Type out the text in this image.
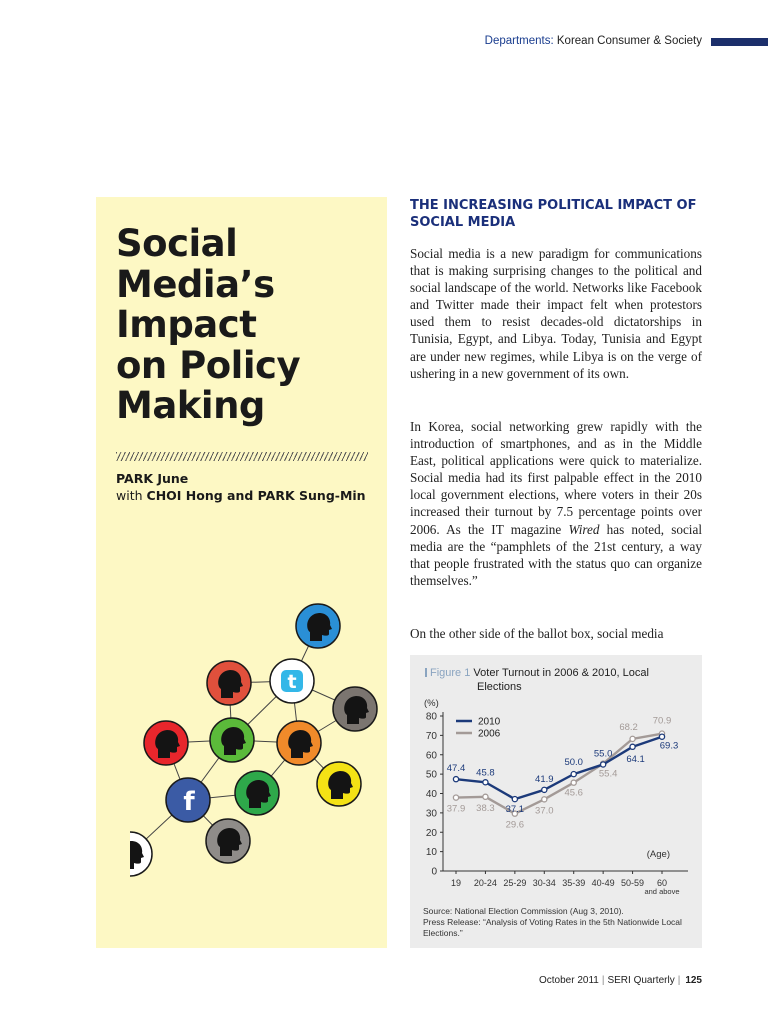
Departments: Korean Consumer & Society
Social
Media’s
Impact
on Policy
Making
PARK June
with CHOI Hong and PARK Sung-Min
t
f
THE INCREASING POLITICAL IMPACT OF SOCIAL MEDIA

Social media is a new paradigm for communications that is making surprising changes to the political and social landscape of the world. Networks like Facebook and Twitter made their impact felt when protestors used them to resist decades-old dictatorships in Tunisia, Egypt, and Libya. Today, Tunisia and Egypt are under new regimes, while Libya is on the verge of ushering in a new government of its own.

In Korea, social networking grew rapidly with the introduction of smartphones, and as in the Middle East, political applications were quick to materialize. Social media had its first palpable effect in the 2010 local government elections, where voters in their 20s increased their turnout by 7.5 percentage points over 2006. As the IT magazine Wired has noted, social media are the “pamphlets of the 21st century, a way that people frustrated with the status quo can organize themselves.”

On the other side of the ballot box, social media

Figure 1 Voter Turnout in 2006 & 2010, Local
Elections
0
10
20
30
40
50
60
70
80
(%)
19 20-24 25-29 30-34 35-39 40-49 50-59 60
and above
(Age)
2010
2006
47.4 45.8
37.1
41.9
50.0
55.0 64.1
69.3
37.9 38.3
29.6
37.0
45.6
55.4
68.2
70.9
Source: National Election Commission (Aug 3, 2010).
Press Release: “Analysis of Voting Rates in the 5th Nationwide Local Elections.”
October 2011 | SERI Quarterly | 125
